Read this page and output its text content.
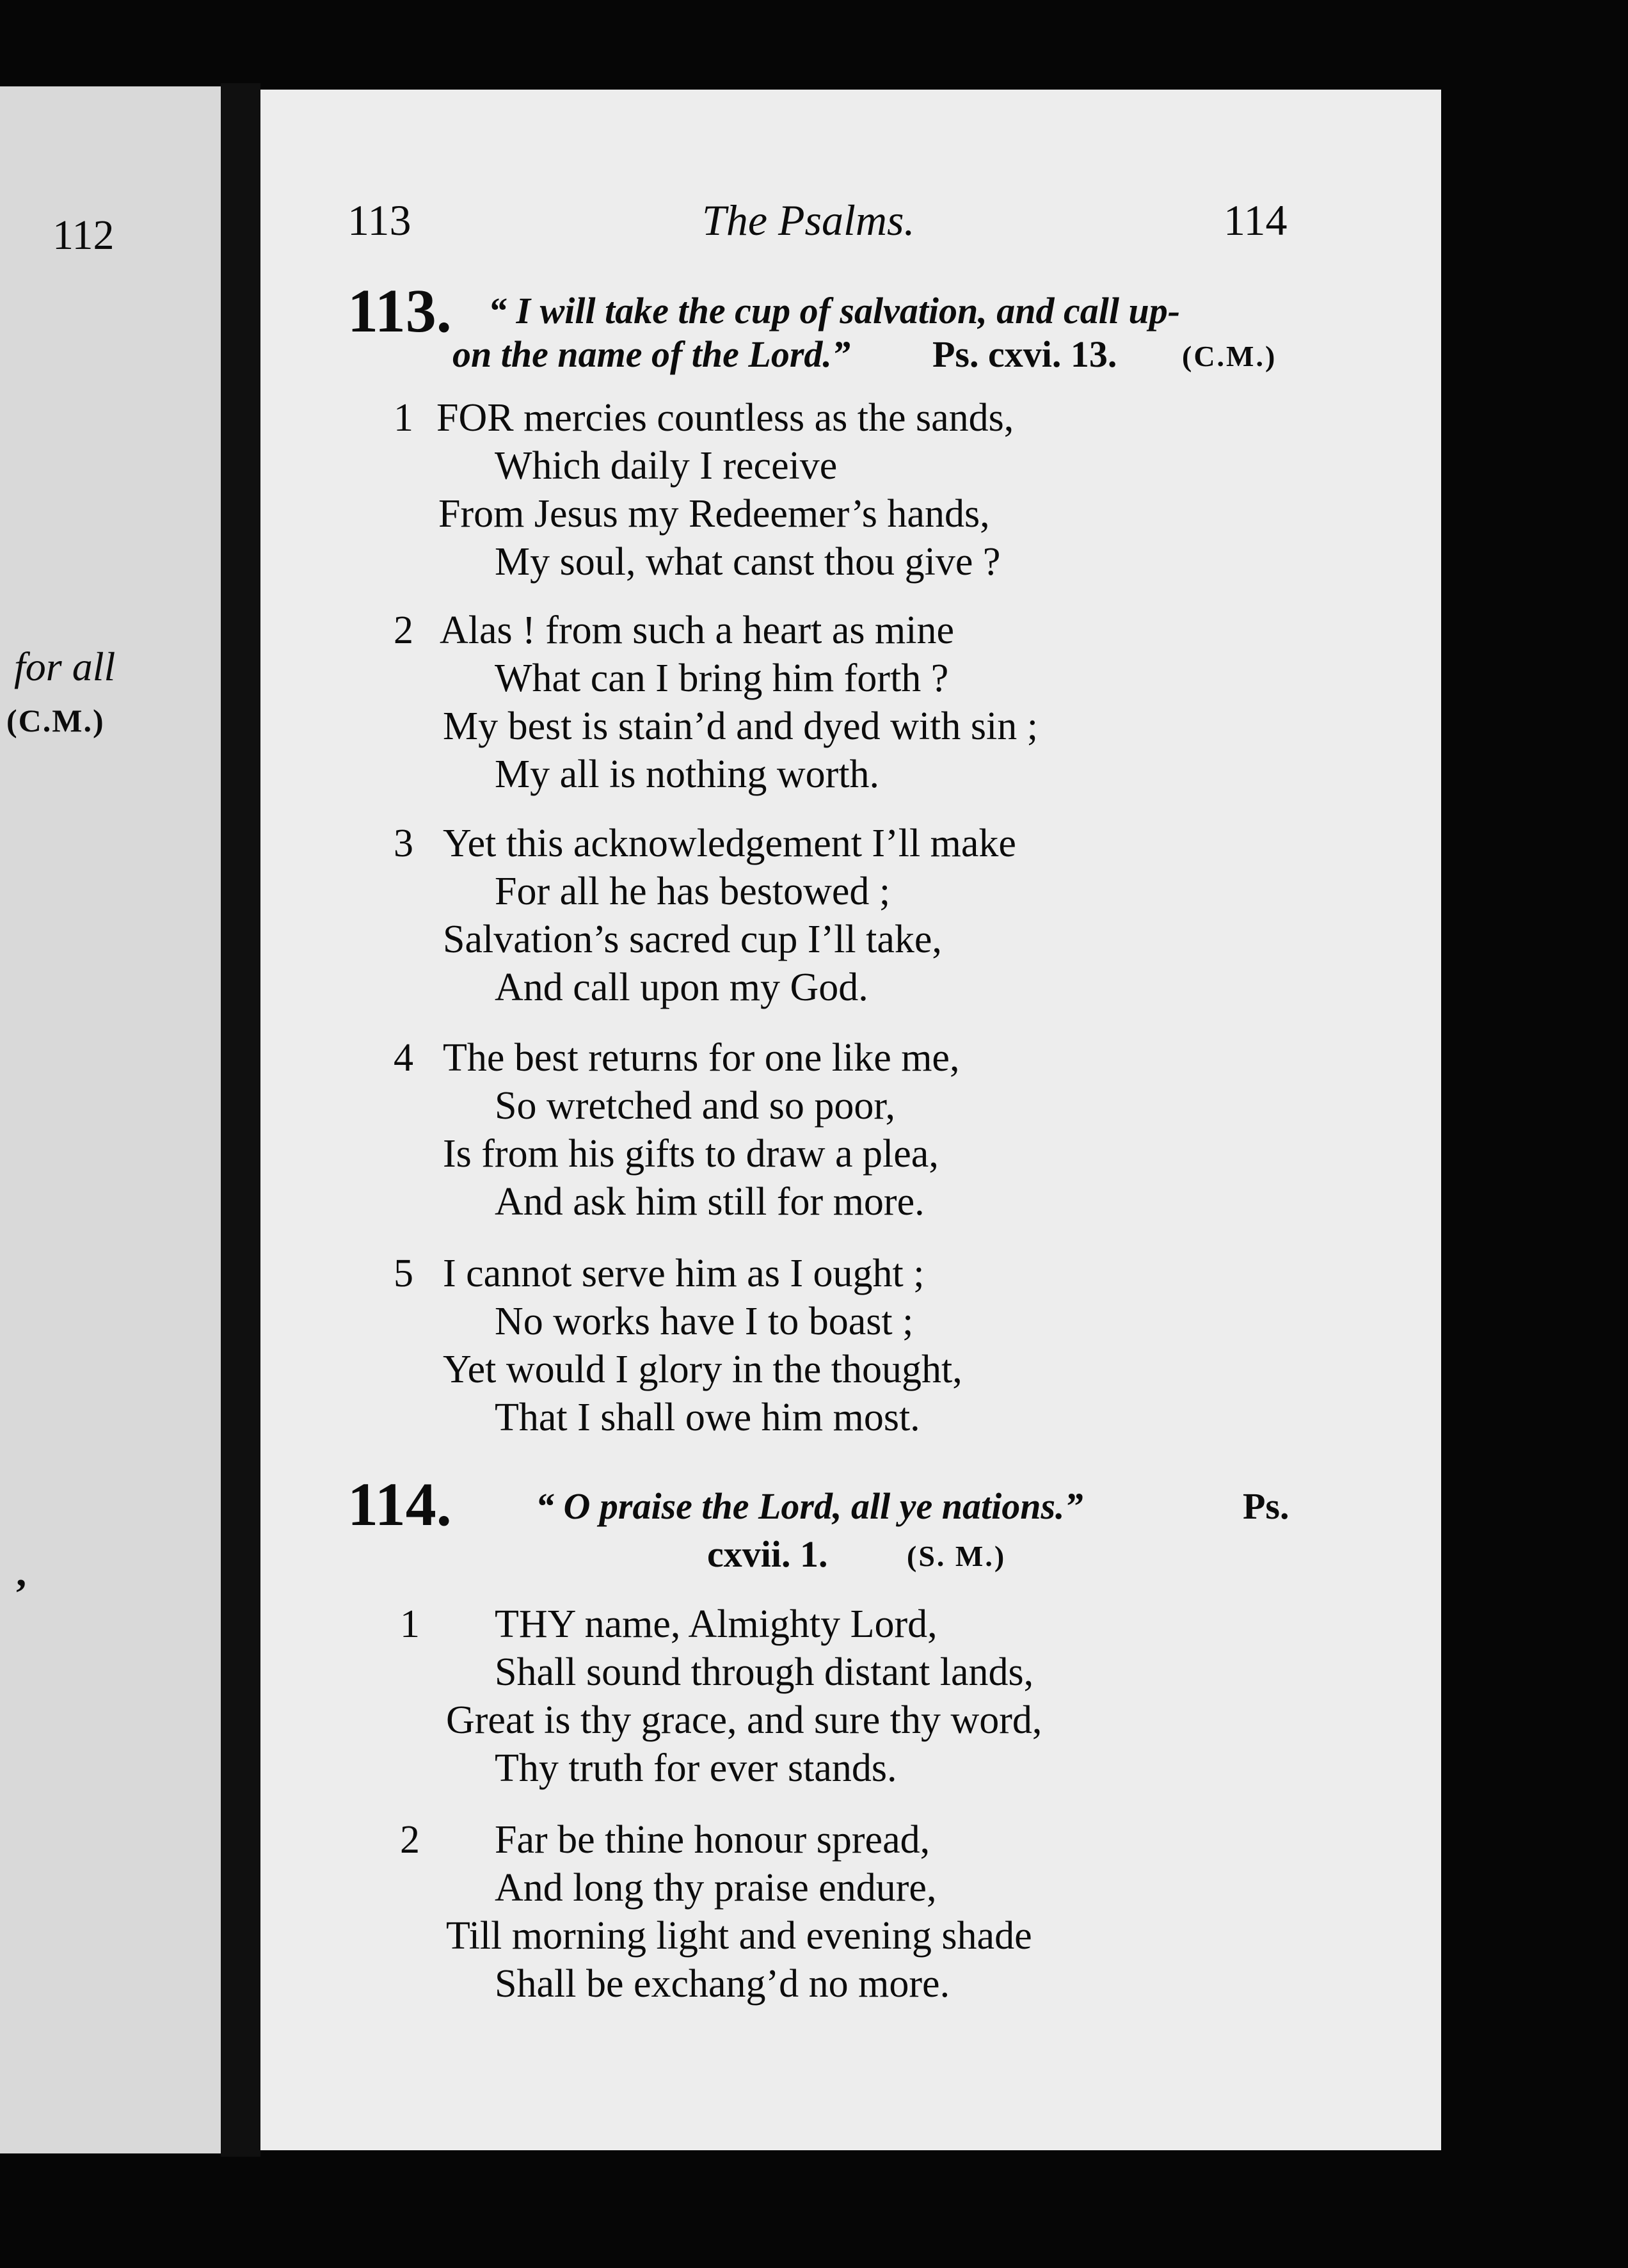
112
for all
(C.M.)
’
113	The Psalms.	114
113. “ I will take the cup of salvation, and call up-
on the name of the Lord.” Ps. cxvi. 13. (C.M.)
1 FOR mercies countless as the sands,
Which daily I receive
From Jesus my Redeemer’s hands,
My soul, what canst thou give ?
2 Alas ! from such a heart as mine
What can I bring him forth ?
My best is stain’d and dyed with sin ;
My all is nothing worth.
3 Yet this acknowledgement I’ll make
For all he has bestowed ;
Salvation’s sacred cup I’ll take,
And call upon my God.
4 The best returns for one like me,
So wretched and so poor,
Is from his gifts to draw a plea,
And ask him still for more.
5 I cannot serve him as I ought ;
No works have I to boast ;
Yet would I glory in the thought,
That I shall owe him most.
114. “ O praise the Lord, all ye nations.”	Ps.
cxvii. 1.	(S. M.)
1 THY name, Almighty Lord,
Shall sound through distant lands,
Great is thy grace, and sure thy word,
Thy truth for ever stands.
2 Far be thine honour spread,
And long thy praise endure,
Till morning light and evening shade
Shall be exchang’d no more.
